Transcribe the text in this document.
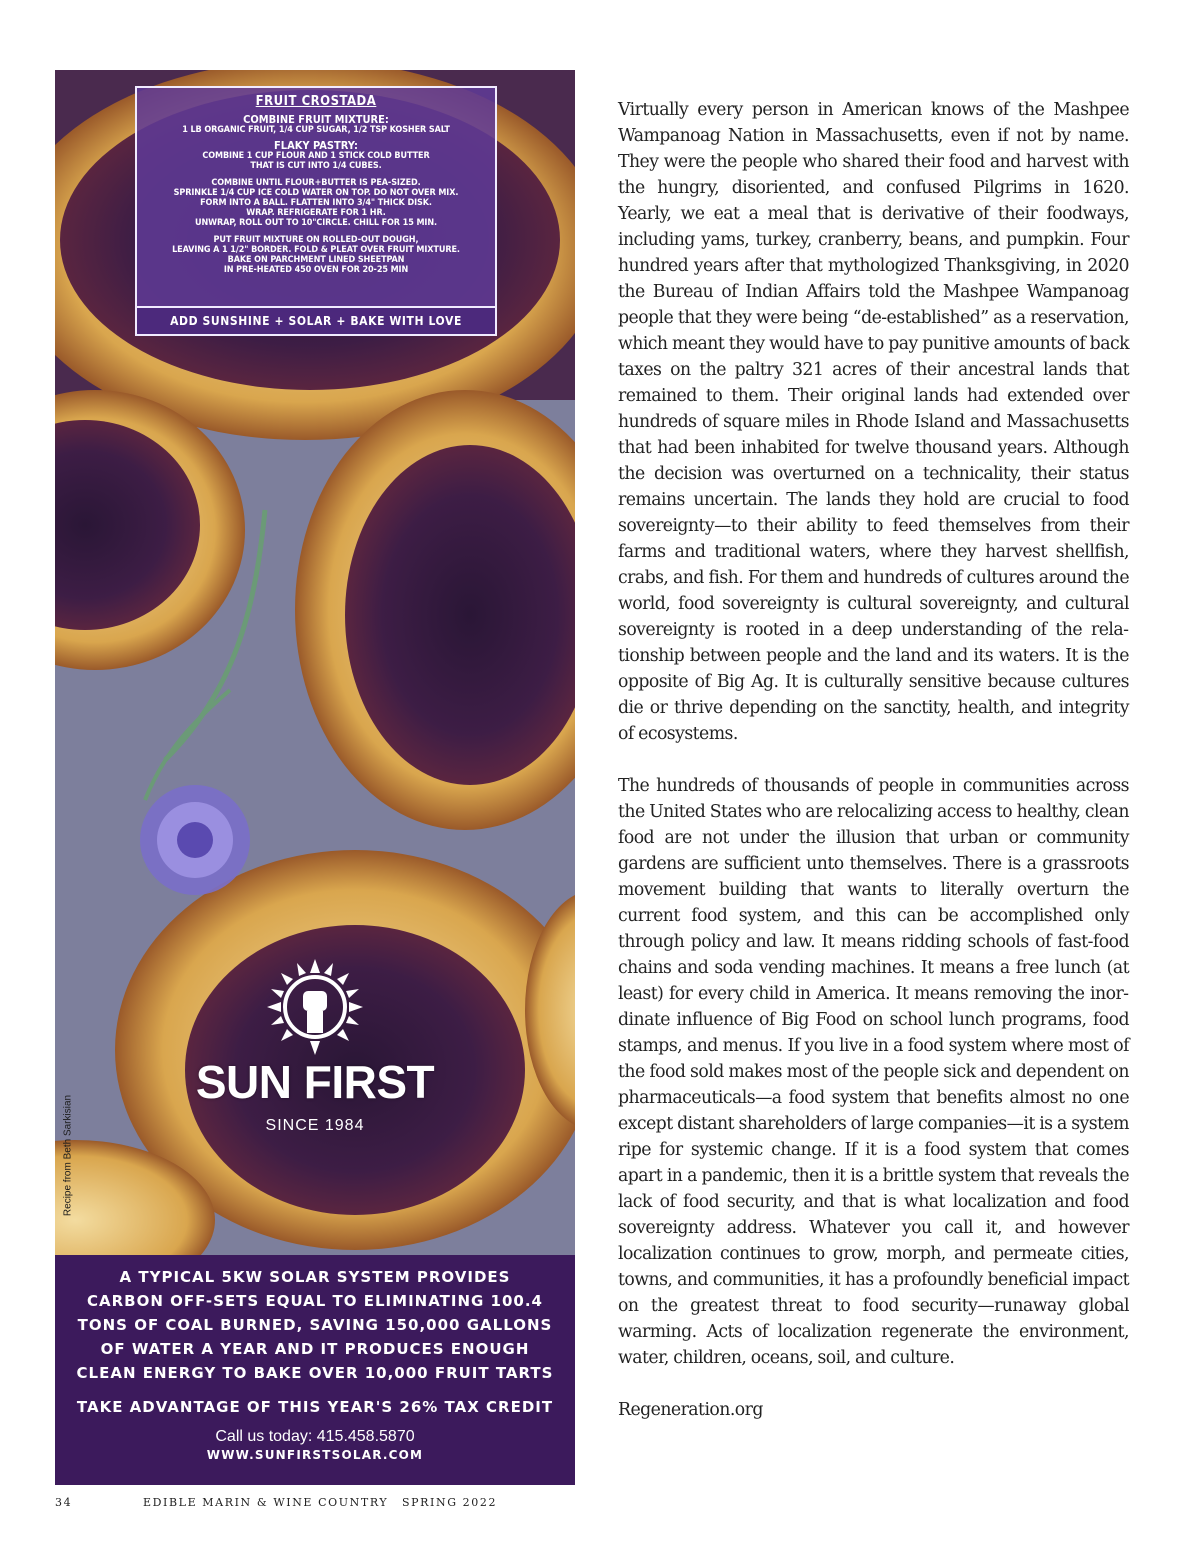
FRUIT CROSTADA
COMBINE FRUIT MIXTURE:
1 LB ORGANIC FRUIT, 1/4 CUP SUGAR, 1/2 TSP KOSHER SALT
FLAKY PASTRY:
COMBINE 1 CUP FLOUR AND 1 STICK COLD BUTTER
THAT IS CUT INTO 1/4 CUBES.
COMBINE UNTIL FLOUR+BUTTER IS PEA-SIZED.
SPRINKLE 1/4 CUP ICE COLD WATER ON TOP. DO NOT OVER MIX.
FORM INTO A BALL. FLATTEN INTO 3/4" THICK DISK.
WRAP. REFRIGERATE FOR 1 HR.
UNWRAP, ROLL OUT TO 10"CIRCLE. CHILL FOR 15 MIN.
PUT FRUIT MIXTURE ON ROLLED-OUT DOUGH,
LEAVING A 1 1/2" BORDER. FOLD & PLEAT OVER FRUIT MIXTURE.
BAKE ON PARCHMENT LINED SHEETPAN
IN PRE-HEATED 450 OVEN FOR 20-25 MIN
ADD SUNSHINE + SOLAR + BAKE WITH LOVE
Recipe from Beth Sarkisian
SUN FIRST
SINCE 1984
A TYPICAL 5KW SOLAR SYSTEM PROVIDES
CARBON OFF-SETS EQUAL TO ELIMINATING 100.4
TONS OF COAL BURNED, SAVING 150,000 GALLONS
OF WATER A YEAR AND IT PRODUCES ENOUGH
CLEAN ENERGY TO BAKE OVER 10,000 FRUIT TARTS
TAKE ADVANTAGE OF THIS YEAR'S 26% TAX CREDIT
Call us today: 415.458.5870
WWW.SUNFIRSTSOLAR.COM

Virtually every person in American knows of the Mashpee Wampanoag Nation in Massachusetts, even if not by name. They were the people who shared their food and harvest with the hungry, disoriented, and confused Pilgrims in 1620. Yearly, we eat a meal that is derivative of their foodways, including yams, turkey, cranberry, beans, and pumpkin. Four hundred years after that mythologized Thanksgiving, in 2020 the Bureau of Indian Affairs told the Mashpee Wampanoag people that they were being “de-established” as a reservation, which meant they would have to pay punitive amounts of back taxes on the paltry 321 acres of their ancestral lands that remained to them. Their original lands had extended over hundreds of square miles in Rhode Island and Massachusetts that had been inhabited for twelve thousand years. Although the decision was overturned on a technicality, their status remains uncertain. The lands they hold are crucial to food sovereignty—to their ability to feed themselves from their farms and traditional waters, where they harvest shellfish, crabs, and fish. For them and hundreds of cultures around the world, food sovereignty is cultural sovereignty, and cultural sovereignty is rooted in a deep understanding of the relationship between people and the land and its waters. It is the opposite of Big Ag. It is culturally sensitive because cultures die or thrive depending on the sanctity, health, and integrity of ecosystems.

The hundreds of thousands of people in communities across the United States who are relocalizing access to healthy, clean food are not under the illusion that urban or community gardens are sufficient unto themselves. There is a grassroots movement building that wants to literally overturn the current food system, and this can be accomplished only through policy and law. It means ridding schools of fast-food chains and soda vending machines. It means a free lunch (at least) for every child in America. It means removing the inordinate influence of Big Food on school lunch programs, food stamps, and menus. If you live in a food system where most of the food sold makes most of the people sick and dependent on pharmaceuticals—a food system that benefits almost no one except distant shareholders of large companies—it is a system ripe for systemic change. If it is a food system that comes apart in a pandemic, then it is a brittle system that reveals the lack of food security, and that is what localization and food sovereignty address. Whatever you call it, and however localization continues to grow, morph, and permeate cities, towns, and communities, it has a profoundly beneficial impact on the greatest threat to food security—runaway global warming. Acts of localization regenerate the environment, water, children, oceans, soil, and culture.

Regeneration.org

34	EDIBLE MARIN & WINE COUNTRY SPRING 2022
